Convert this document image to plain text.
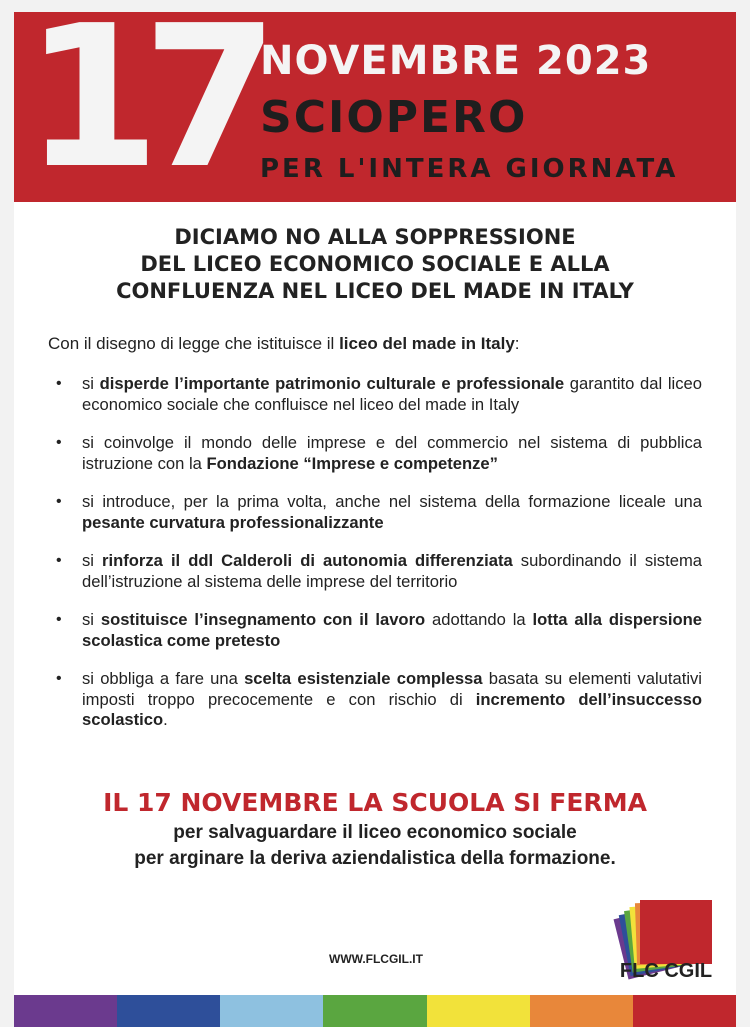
17 NOVEMBRE 2023
SCIOPERO
PER L'INTERA GIORNATA
DICIAMO NO ALLA SOPPRESSIONE
DEL LICEO ECONOMICO SOCIALE E ALLA
CONFLUENZA NEL LICEO DEL MADE IN ITALY
Con il disegno di legge che istituisce il liceo del made in Italy:
• si disperde l’importante patrimonio culturale e professionale garantito dal liceo economico sociale che confluisce nel liceo del made in Italy
• si coinvolge il mondo delle imprese e del commercio nel sistema di pubblica istruzione con la Fondazione “Imprese e competenze”
• si introduce, per la prima volta, anche nel sistema della formazione liceale una pesante curvatura professionalizzante
• si rinforza il ddl Calderoli di autonomia differenziata subordinando il sistema dell’istruzione al sistema delle imprese del territorio
• si sostituisce l’insegnamento con il lavoro adottando la lotta alla dispersione scolastica come pretesto
• si obbliga a fare una scelta esistenziale complessa basata su elementi valutativi imposti troppo precocemente e con rischio di incremento dell’insuccesso scolastico.
IL 17 NOVEMBRE LA SCUOLA SI FERMA
per salvaguardare il liceo economico sociale
per arginare la deriva aziendalistica della formazione.
WWW.FLCGIL.IT
FLC CGIL
